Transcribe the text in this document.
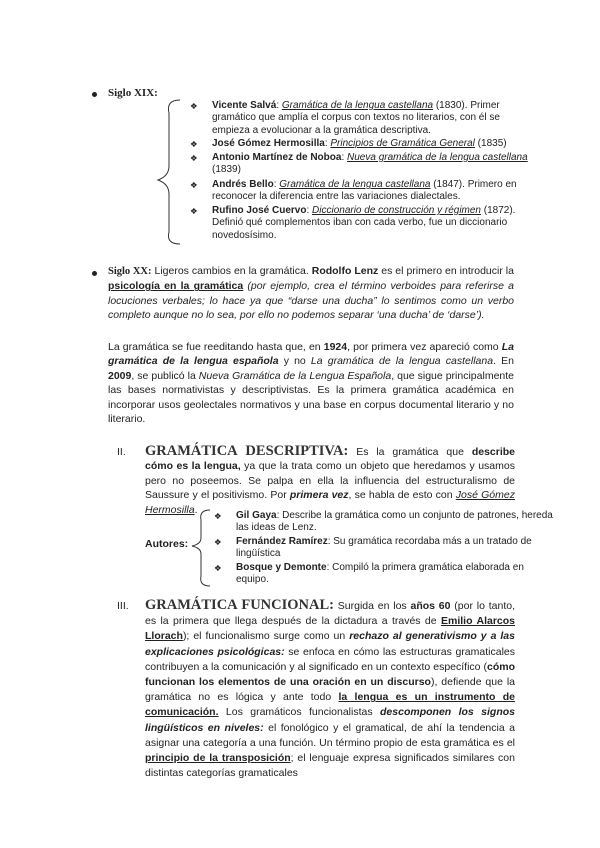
Siglo XIX:
❖ Vicente Salvá: Gramática de la lengua castellana (1830). Primer gramático que amplía el corpus con textos no literarios, con él se empieza a evolucionar a la gramática descriptiva.
❖ José Gómez Hermosilla: Principios de Gramática General (1835)
❖ Antonio Martínez de Noboa: Nueva gramática de la lengua castellana (1839)
❖ Andrés Bello: Gramática de la lengua castellana (1847). Primero en reconocer la diferencia entre las variaciones dialectales.
❖ Rufino José Cuervo: Diccionario de construcción y régimen (1872). Definió qué complementos iban con cada verbo, fue un diccionario novedosísimo.
Siglo XX: Ligeros cambios en la gramática. Rodolfo Lenz es el primero en introducir la psicología en la gramática (por ejemplo, crea el término verboides para referirse a locuciones verbales; lo hace ya que “darse una ducha” lo sentimos como un verbo completo aunque no lo sea, por ello no podemos separar ‘una ducha’ de ‘darse’).
La gramática se fue reeditando hasta que, en 1924, por primera vez apareció como La gramática de la lengua española y no La gramática de la lengua castellana. En 2009, se publicó la Nueva Gramática de la Lengua Española, que sigue principalmente las bases normativistas y descriptivistas. Es la primera gramática académica en incorporar usos geolectales normativos y una base en corpus documental literario y no literario.
II. GRAMÁTICA DESCRIPTIVA: Es la gramática que describe cómo es la lengua, ya que la trata como un objeto que heredamos y usamos pero no poseemos. Se palpa en ella la influencia del estructuralismo de Saussure y el positivismo. Por primera vez, se habla de esto con José Gómez Hermosilla.
Autores:
❖ Gil Gaya: Describe la gramática como un conjunto de patrones, hereda las ideas de Lenz.
❖ Fernández Ramírez: Su gramática recordaba más a un tratado de lingüística
❖ Bosque y Demonte: Compiló la primera gramática elaborada en equipo.
III. GRAMÁTICA FUNCIONAL: Surgida en los años 60 (por lo tanto, es la primera que llega después de la dictadura a través de Emilio Alarcos Llorach); el funcionalismo surge como un rechazo al generativismo y a las explicaciones psicológicas: se enfoca en cómo las estructuras gramaticales contribuyen a la comunicación y al significado en un contexto específico (cómo funcionan los elementos de una oración en un discurso), defiende que la gramática no es lógica y ante todo la lengua es un instrumento de comunicación. Los gramáticos funcionalistas descomponen los signos lingüísticos en niveles: el fonológico y el gramatical, de ahí la tendencia a asignar una categoría a una función. Un término propio de esta gramática es el principio de la transposición; el lenguaje expresa significados similares con distintas categorías gramaticales
